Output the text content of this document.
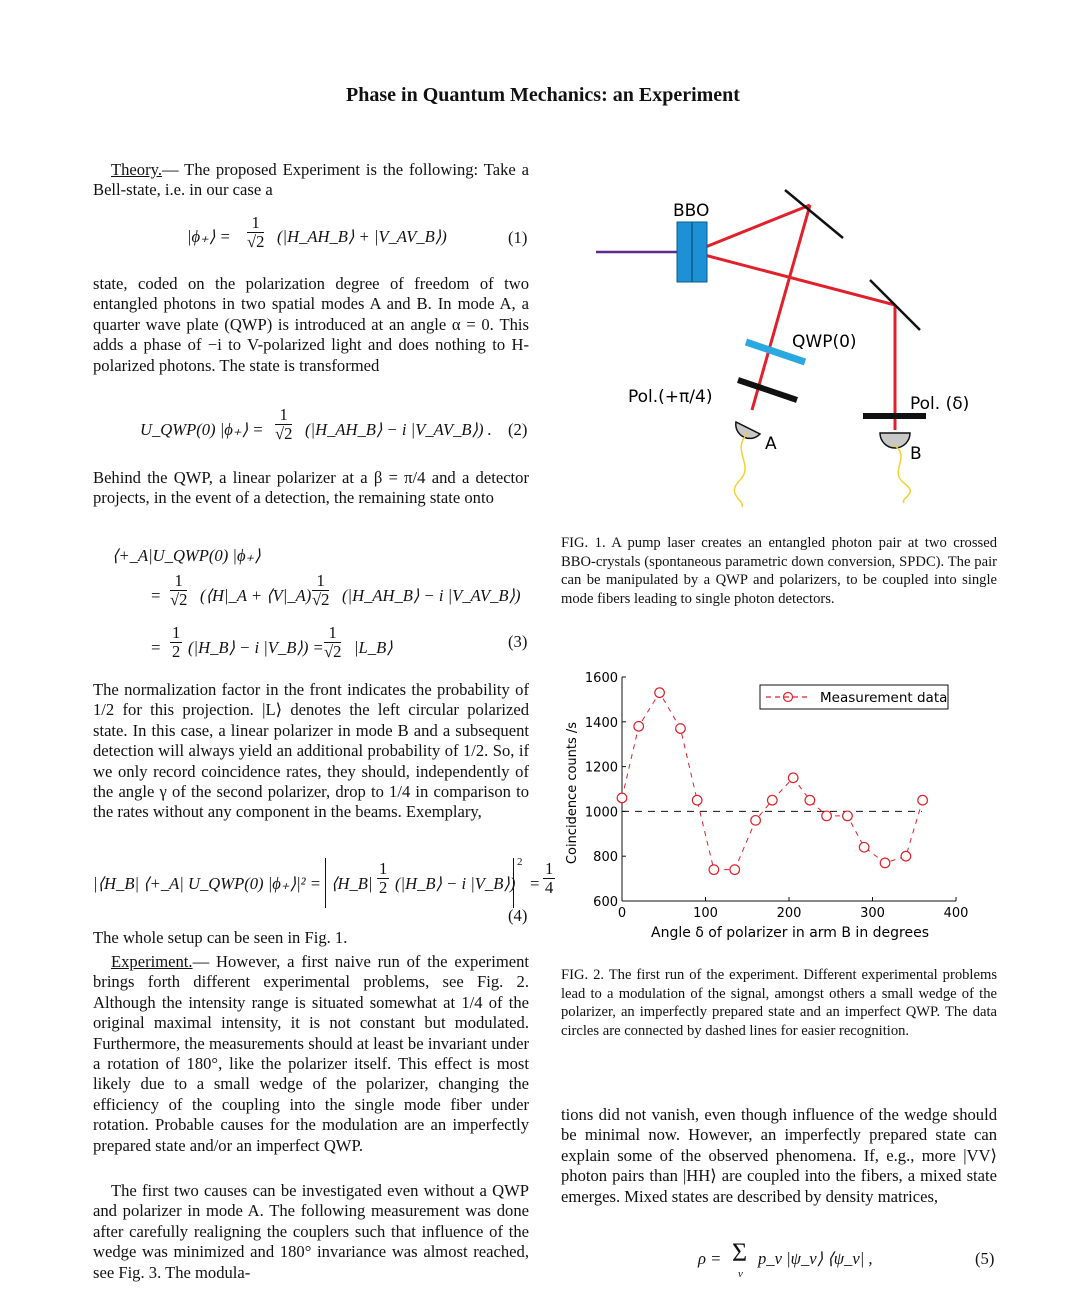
Phase in Quantum Mechanics: an Experiment

Theory.— The proposed Experiment is the following: Take a Bell-state, i.e. in our case a

|ϕ₊⟩ = $\frac{1}{√2}$ (|H_AH_B⟩ + |V_AV_B⟩)	(1)
state, coded on the polarization degree of freedom of two entangled photons in two spatial modes A and B. In mode A, a quarter wave plate (QWP) is introduced at an angle α = 0. This adds a phase of −i to V-polarized light and does nothing to H-polarized photons. The state is transformed
U_QWP(0) |ϕ₊⟩ = $\frac{1}{√2}$ (|H_AH_B⟩ − i |V_AV_B⟩) . (2)
Behind the QWP, a linear polarizer at a β = π/4 and a detector projects, in the event of a detection, the remaining state onto
⟨+_A|U_QWP(0) |ϕ₊⟩
= $\frac{1}{√2}$ (⟨H|_A + ⟨V|_A) $\frac{1}{√2}$ (|H_AH_B⟩ − i |V_AV_B⟩)
= $\frac{1}{2}$ (|H_B⟩ − i |V_B⟩) = $\frac{1}{√2}$ |L_B⟩	(3)
The normalization factor in the front indicates the probability of 1/2 for this projection. |L⟩ denotes the left circular polarized state. In this case, a linear polarizer in mode B and a subsequent detection will always yield an additional probability of 1/2. So, if we only record coincidence rates, they should, independently of the angle γ of the second polarizer, drop to 1/4 in comparison to the rates without any component in the beams. Exemplary,
|⟨H_B| ⟨+_A| U_QWP(0) |ϕ₊⟩|² = ⟨H_B| $\frac{1}{2}$ (|H_B⟩ − i |V_B⟩)
2
= $\frac{1}{4}$
(4)
The whole setup can be seen in Fig. 1.

Experiment.— However, a first naive run of the experiment brings forth different experimental problems, see Fig. 2. Although the intensity range is situated somewhat at 1/4 of the original maximal intensity, it is not constant but modulated. Furthermore, the measurements should at least be invariant under a rotation of 180°, like the polarizer itself. This effect is most likely due to a small wedge of the polarizer, changing the efficiency of the coupling into the single mode fiber under rotation. Probable causes for the modulation are an imperfectly prepared state and/or an imperfect QWP.

The first two causes can be investigated even without a QWP and polarizer in mode A. The following measurement was done after carefully realigning the couplers such that influence of the wedge was minimized and 180° invariance was almost reached, see Fig. 3. The modula-
BBO
QWP(0)
Pol.(+π/4)	Pol. (δ)
A	B
FIG. 1. A pump laser creates an entangled photon pair at two crossed BBO-crystals (spontaneous parametric down conversion, SPDC). The pair can be manipulated by a QWP and polarizers, to be coupled into single mode fibers leading to single photon detectors.
0	100	200	300	400
600
800
1000
1200
1400
1600
Measurement data
Angle δ of polarizer in arm B in degrees
Coincidence counts /s
FIG. 2. The first run of the experiment. Different experimental problems lead to a modulation of the signal, amongst others a small wedge of the polarizer, an imperfectly prepared state and an imperfect QWP. The data circles are connected by dashed lines for easier recognition.
tions did not vanish, even though influence of the wedge should be minimal now. However, an imperfectly prepared state can explain some of the observed phenomena. If, e.g., more |VV⟩ photon pairs than |HH⟩ are coupled into the fibers, a mixed state emerges. Mixed states are described by density matrices,
ρ = Σ
ν
p_ν |ψ_ν⟩ ⟨ψ_ν| ,	(5)
